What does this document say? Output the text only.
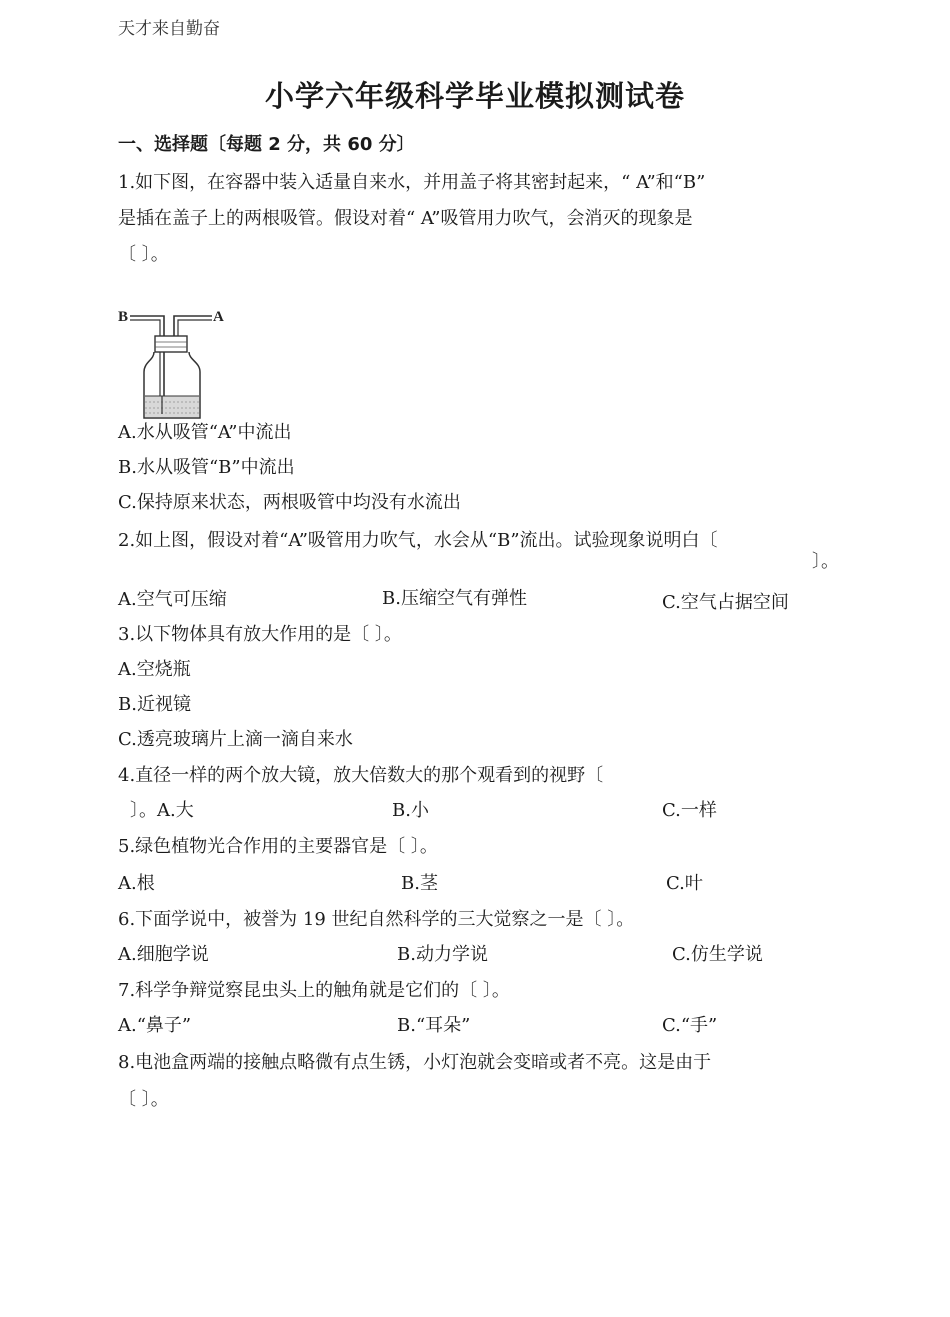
天才来自勤奋
小学六年级科学毕业模拟测试卷
一、选择题〔每题 2 分，共 60 分〕
1.如下图，在容器中装入适量自来水，并用盖子将其密封起来，“ A”和“B”
是插在盖子上的两根吸管。假设对着“ A”吸管用力吹气，会消灭的现象是
〔 〕。
B	A
A.水从吸管“A”中流出
B.水从吸管“B”中流出
C.保持原来状态，两根吸管中均没有水流出
2.如上图，假设对着“A”吸管用力吹气，水会从“B”流出。试验现象说明白〔
〕。
A.空气可压缩	B.压缩空气有弹性	C.空气占据空间
3.以下物体具有放大作用的是〔 〕。
A.空烧瓶
B.近视镜
C.透亮玻璃片上滴一滴自来水
4.直径一样的两个放大镜，放大倍数大的那个观看到的视野〔
〕。A.大	B.小	C.一样
5.绿色植物光合作用的主要器官是〔 〕。
A.根	B.茎	C.叶
6.下面学说中，被誉为 19 世纪自然科学的三大觉察之一是〔 〕。
A.细胞学说	B.动力学说	C.仿生学说
7.科学争辩觉察昆虫头上的触角就是它们的〔 〕。
A.“鼻子”	B.“耳朵”	C.“手”
8.电池盒两端的接触点略微有点生锈，小灯泡就会变暗或者不亮。这是由于
〔 〕。
